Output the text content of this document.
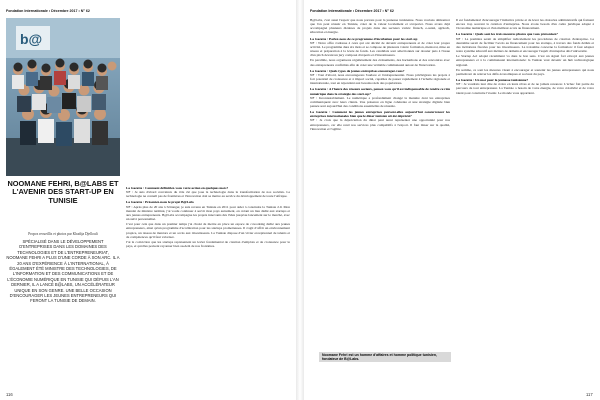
Fondation Internationale • Décembre 2017 • N° 62
b@
NOOMANE FEHRI, B@LABS ET L'AVENIR DES START-UP EN TUNISIE

Propos recueillis et photos par Khadija Djellouli

SPÉCIALISÉ DANS LE DÉVELOPPEMENT D'ENTREPRISES DANS LES DOMAINES DES TECHNOLOGIES ET DE L'ENTREPRENEURIAT, NOOMANE FEHRI A PLUS D'UNE CORDE À SON ARC. IL A 20 ANS D'EXPÉRIENCE À L'INTERNATIONAL, À ÉGALEMENT ÉTÉ MINISTRE DES TECHNOLOGIES, DE L'INFORMATION ET DES COMMUNICATIONS ET DE L'ÉCONOMIE NUMÉRIQUE EN TUNISIE QUI DÉPUIS L'AN DERNIER, IL A LANCÉ B@LABS, UN ACCÉLÉRATEUR UNIQUE EN SON GENRE. UNE BELLE OCCASION D'ENCOURAGER LES JEUNES ENTREPRENEURS QUI FERONT LA TUNISIE DE DEMAIN.

La Gazette : Comment définiriez-vous votre action en quelques mots?

NF : Je suis d'abord convaincu du rôle clé que joue la technologie dans la transformation de nos sociétés. La technologie ne connaît pas de frontières et l'innovation doit se mettre au service du développement de toute l'Afrique.

La Gazette : Présentez-nous le projet B@Labs

NF : Après plus de 20 ans à l'étranger, je suis revenu en Tunisie en 2011 pour aider à construire la Tunisie 2.0. Mon mandat de ministre terminé, j'ai voulu continuer à servir mon pays autrement, en créant un lieu dédié aux startups et aux jeunes entrepreneurs. B@Labs accompagne les projets innovants dès l'idée jusqu'au lancement sur le marché, avec un suivi personnalisé.

C'est pour cela que dans un premier temps j'ai choisi de mettre en place un espace de coworking dédié aux jeunes entrepreneurs, ainsi qu'un programme d'accélération pour les startups prometteuses. Il s'agit d'offrir un environnement propice, un réseau de mentors et un accès aux investisseurs. La Tunisie dispose d'un vivier exceptionnel de talents et de compétences qu'il faut valoriser.

J'ai la conviction que les startups représentent un levier fondamental de création d'emplois et de croissance pour le pays, et qu'elles peuvent rayonner bien au-delà de nos frontières.

116
Fondation Internationale • Décembre 2017 • N° 62

B@Labs, c'est aussi l'espoir que nous portons pour la jeunesse tunisienne. Nous voulons démontrer que l'on peut réussir en Tunisie, créer de la valeur localement et s'exporter. Nous avons déjà accompagné plusieurs dizaines de projets dans des secteurs variés: fintech, e-santé, agritech, éducation et énergie.

La Gazette : Parlez-nous de ce programme d'incubation pour les start-up

NF : Notre offre s'adresse à ceux qui ont décidé de devenir entrepreneurs et de créer leur propre activité. Le programme dure six mois et se compose de plusieurs volets: formation, mentorat, mise en réseau et préparation à la levée de fonds. Les candidats sont sélectionnés sur dossier puis à l'issue d'un pitch devant un jury composé d'experts et d'investisseurs.

En parallèle, nous organisons régulièrement des événements, des hackathons et des rencontres avec des entrepreneurs confirmés afin de créer une véritable communauté autour de l'innovation.

La Gazette : Quels types de jeunes entreprises encouragez-vous?

NF : Tout d'abord, nous encourageons l'audace et l'entrepreneuriat. Nous privilégions les projets à fort potentiel de croissance et à impact social, capables de passer rapidement à l'échelle régionale et internationale, tout en répondant aux besoins réels des populations.

La Gazette : A l'heure des réseaux sociaux, pensez-vous qu'il est indispensable de rendre ce rôle numérique dans la stratégie des start-up?

NF : Incontestablement. Le numérique a profondément changé la manière dont les entreprises communiquent avec leurs clients. Une présence en ligne cohérente et une stratégie digitale bien pensée sont aujourd'hui des conditions essentielles de réussite.

La Gazette : Comment les jeunes entreprises peuvent-elles aujourd'hui concurrencer les entreprises internationales bien que le dinar tunisien ait été déprécié?

NF : Je crois que la dépréciation du dinar peut aussi représenter une opportunité pour nos entrepreneurs, car elle rend nos services plus compétitifs à l'export. Il faut miser sur la qualité, l'innovation et l'agilité.

Il est fondamental d'encourager l'initiative privée et de lever les obstacles administratifs qui freinent encore trop souvent la création d'entreprise. Nous avons besoin d'un cadre juridique adapté à l'économie numérique et d'un meilleur accès au financement.

La Gazette : Quels sont les trois mesures phares que vous préconisez?

NF : La première serait de simplifier radicalement les procédures de création d'entreprise. La deuxième serait de faciliter l'accès au financement pour les startups, à travers des fonds dédiés et des incitations fiscales pour les investisseurs. La troisième concerne la formation: il faut adapter notre système éducatif aux métiers de demain et encourager l'esprit d'entreprise dès l'université.

Le Startup Act adopté récemment va dans le bon sens. C'est un signal fort envoyé aux jeunes entrepreneurs et à la communauté internationale: la Tunisie veut devenir un hub technologique régional.

En somme, ce sont les mesures visant à encourager et soutenir les jeunes entrepreneurs qui nous permettront de relever les défis économiques et sociaux du pays.

La Gazette : Un mot pour la jeunesse tunisienne?

NF : Je voudrais leur dire de croire en leurs rêves et de ne jamais renoncer. L'échec fait partie du parcours de tout entrepreneur. La Tunisie a besoin de votre énergie, de votre créativité et de votre talent pour construire l'avenir. Le monde vous appartient.

117
Noomane Fehri est un homme d'affaires et homme politique tunisien, fondateur de B@Labs.
